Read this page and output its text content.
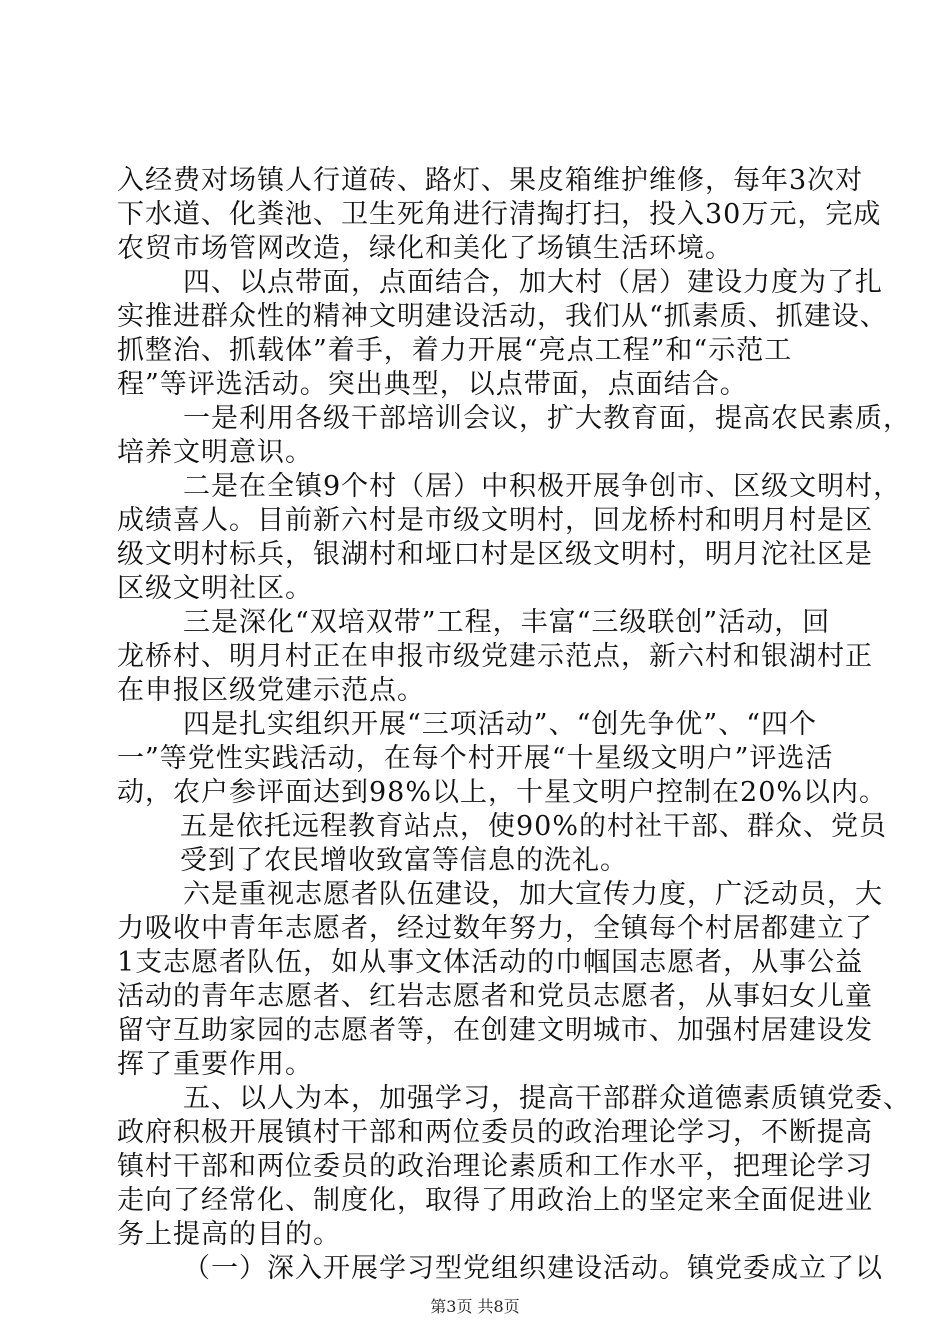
入经费对场镇人行道砖、路灯、果皮箱维护维修，每年3次对
下水道、化粪池、卫生死角进行清掏打扫，投入30万元，完成
农贸市场管网改造，绿化和美化了场镇生活环境。
四、以点带面，点面结合，加大村（居）建设力度为了扎
实推进群众性的精神文明建设活动，我们从“抓素质、抓建设、
抓整治、抓载体”着手，着力开展“亮点工程”和“示范工
程”等评选活动。突出典型，以点带面，点面结合。
一是利用各级干部培训会议，扩大教育面，提高农民素质，
培养文明意识。
二是在全镇9个村（居）中积极开展争创市、区级文明村，
成绩喜人。目前新六村是市级文明村，回龙桥村和明月村是区
级文明村标兵，银湖村和垭口村是区级文明村，明月沱社区是
区级文明社区。
三是深化“双培双带”工程，丰富“三级联创”活动，回
龙桥村、明月村正在申报市级党建示范点，新六村和银湖村正
在申报区级党建示范点。
四是扎实组织开展“三项活动”、“创先争优”、“四个
一”等党性实践活动，在每个村开展“十星级文明户”评选活
动，农户参评面达到98%以上，十星文明户控制在20%以内。
五是依托远程教育站点，使90%的村社干部、群众、党员
受到了农民增收致富等信息的洗礼。
六是重视志愿者队伍建设，加大宣传力度，广泛动员，大
力吸收中青年志愿者，经过数年努力，全镇每个村居都建立了
1支志愿者队伍，如从事文体活动的巾帼国志愿者，从事公益
活动的青年志愿者、红岩志愿者和党员志愿者，从事妇女儿童
留守互助家园的志愿者等，在创建文明城市、加强村居建设发
挥了重要作用。
五、以人为本，加强学习，提高干部群众道德素质镇党委、
政府积极开展镇村干部和两位委员的政治理论学习，不断提高
镇村干部和两位委员的政治理论素质和工作水平，把理论学习
走向了经常化、制度化，取得了用政治上的坚定来全面促进业
务上提高的目的。
（一）深入开展学习型党组织建设活动。镇党委成立了以
第3页 共8页
